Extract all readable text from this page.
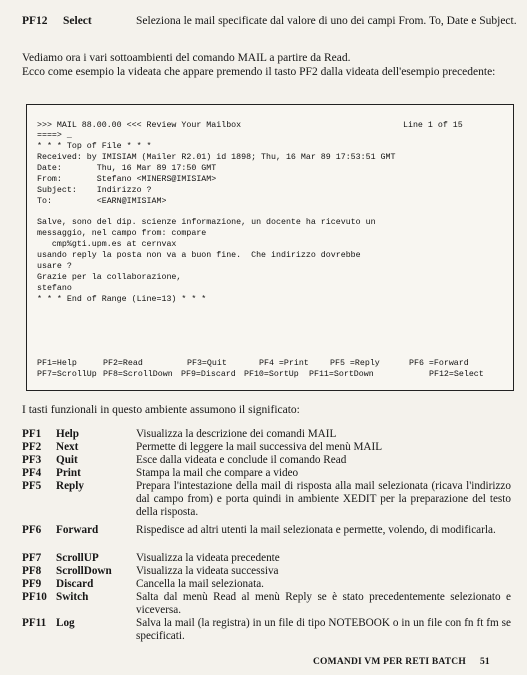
PF12 Select	Seleziona le mail specificate dal valore di uno dei campi From. To, Date e Subject.

Vediamo ora i vari sottoambienti del comando MAIL a partire da Read.

Ecco come esempio la videata che appare premendo il tasto PF2 dalla videata dell'esempio precedente:

>>> MAIL 88.00.00 <<< Review Your Mailbox	Line 1 of 15
====> _
* * * Top of File * * *
Received: by IMISIAM (Mailer R2.01) id 1898; Thu, 16 Mar 89 17:53:51 GMT
Date:       Thu, 16 Mar 89 17:50 GMT
From:       Stefano <MINERS@IMISIAM>
Subject:    Indirizzo ?
To:         <EARN@IMISIAM>
Salve, sono del dip. scienze informazione, un docente ha ricevuto un
messaggio, nel campo from: compare
cmp%gti.upm.es at cernvax
usando reply la posta non va a buon fine.  Che indirizzo dovrebbe
usare ?
Grazie per la collaborazione,
stefano
* * * End of Range (Line=13) * * *
PF1=Help	PF2=Read	PF3=Quit	PF4 =Print	PF5 =Reply	PF6 =Forward
PF7=ScrollUp PF8=ScrollDown PF9=Discard PF10=SortUp PF11=SortDown	PF12=Select
I tasti funzionali in questo ambiente assumono il significato:
PF1	Help	Visualizza la descrizione dei comandi MAIL
PF2	Next	Permette di leggere la mail successiva del menù MAIL
PF3	Quit	Esce dalla videata e conclude il comando Read
PF4	Print	Stampa la mail che compare a video
PF5	Reply	Prepara l'intestazione della mail di risposta alla mail selezionata (ricava l'indirizzo dal campo from) e porta quindi in ambiente XEDIT per la preparazione del testo della risposta.
PF6	Forward	Rispedisce ad altri utenti la mail selezionata e permette, volendo, di modificarla.
PF7	ScrollUP	Visualizza la videata precedente
PF8	ScrollDown	Visualizza la videata successiva
PF9	Discard	Cancella la mail selezionata.
PF10 Switch	Salta dal menù Read al menù Reply se è stato precedentemente selezionato e viceversa.
PF11 Log	Salva la mail (la registra) in un file di tipo NOTEBOOK o in un file con fn ft fm se specificati.
COMANDI VM PER RETI BATCH 51
